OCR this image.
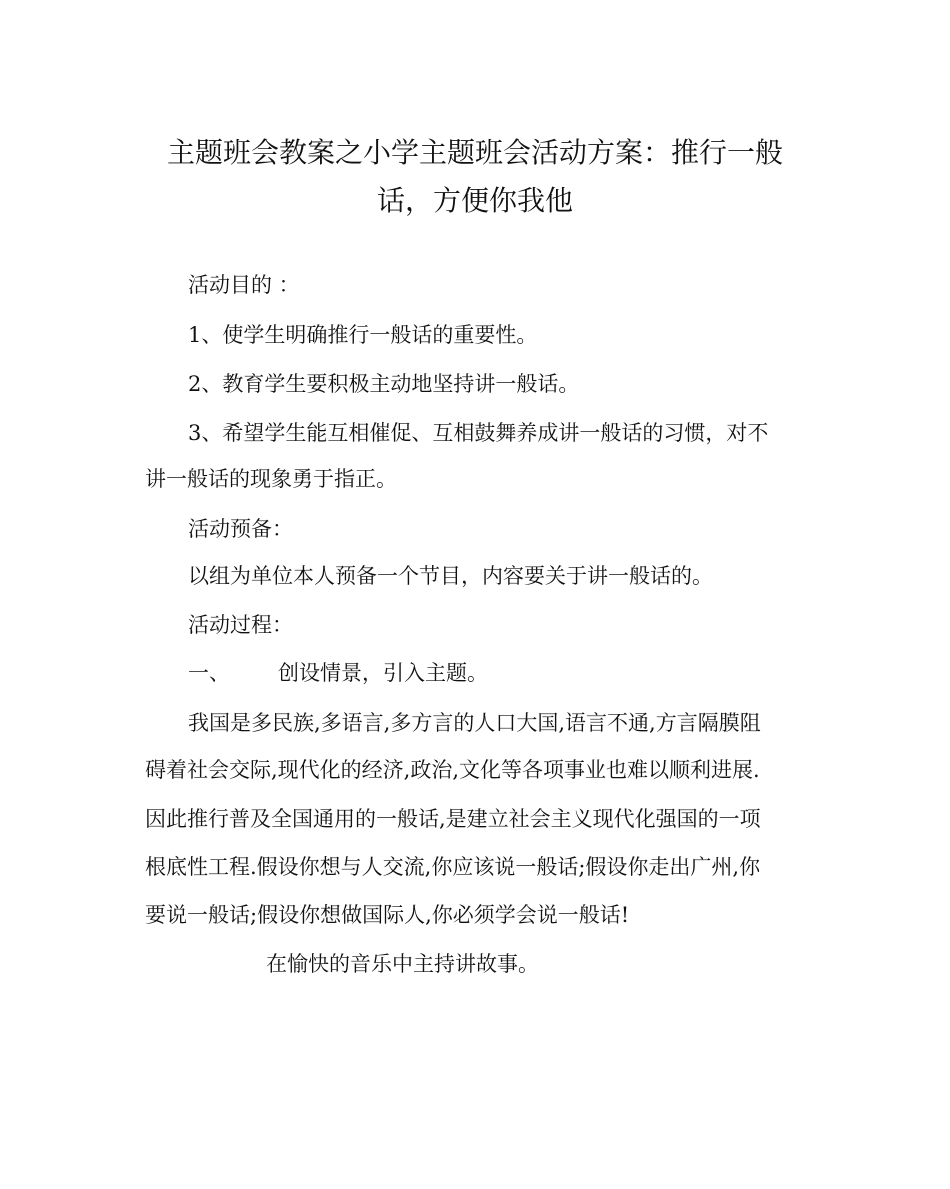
主题班会教案之小学主题班会活动方案：推行一般
话，方便你我他
活动目的 ：
1、使学生明确推行一般话的重要性。
2、教育学生要积极主动地坚持讲一般话。
3、希望学生能互相催促、互相鼓舞养成讲一般话的习惯，对不
讲一般话的现象勇于指正。
活动预备：
以组为单位本人预备一个节目，内容要关于讲一般话的。
活动过程：
一、 创设情景，引入主题。
我国是多民族,多语言,多方言的人口大国,语言不通,方言隔膜阻
碍着社会交际,现代化的经济,政治,文化等各项事业也难以顺利进展.
因此推行普及全国通用的一般话,是建立社会主义现代化强国的一项
根底性工程.假设你想与人交流,你应该说一般话;假设你走出广州,你
要说一般话;假设你想做国际人,你必须学会说一般话!
在愉快的音乐中主持讲故事。
